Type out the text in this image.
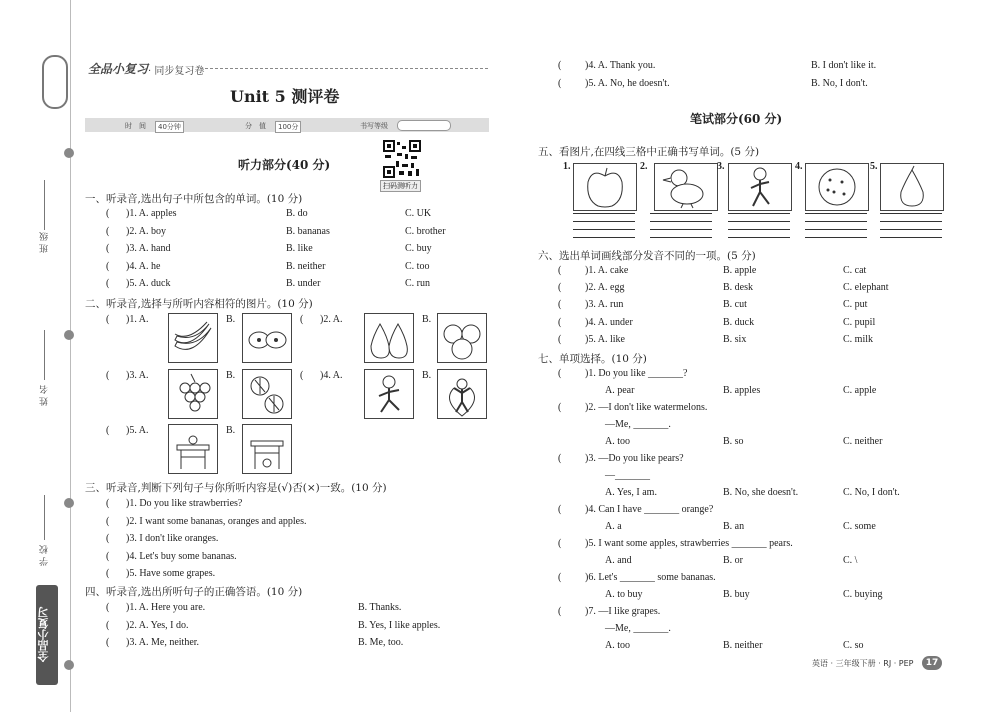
班 级
姓 名
学 校
全品小复习
全品小复习 · 同步复习卷
Unit 5 测评卷
时　间	40分钟	分　值	100分	书写等级
扫码测听力
听力部分(40 分)
一、听录音,选出句子中所包含的单词。(10 分)
( )1. A. apples	B. do	C. UK
( )2. A. boy	B. bananas	C. brother
( )3. A. hand	B. like	C. buy
( )4. A. he	B. neither	C. too
( )5. A. duck	B. under	C. run
二、听录音,选择与所听内容相符的图片。(10 分)
( )1. A.	B.	( )2. A.	B.
( )3. A.	B.	( )4. A.	B.
( )5. A.	B.
三、听录音,判断下列句子与你所听内容是(√)否(×)一致。(10 分)
( )1. Do you like strawberries?
( )2. I want some bananas, oranges and apples.
( )3. I don't like oranges.
( )4. Let's buy some bananas.
( )5. Have some grapes.
四、听录音,选出所听句子的正确答语。(10 分)
( )1. A. Here you are.	B. Thanks.
( )2. A. Yes, I do.	B. Yes, I like apples.
( )3. A. Me, neither.	B. Me, too.
( )4. A. Thank you.	B. I don't like it.
( )5. A. No, he doesn't.	B. No, I don't.
笔试部分(60 分)
五、看图片,在四线三格中正确书写单词。(5 分)
1.	2.	3.	4.	5.
六、选出单词画线部分发音不同的一项。(5 分)
( )1. A. cake	B. apple	C. cat
( )2. A. egg	B. desk	C. elephant
( )3. A. run	B. cut	C. put
( )4. A. under	B. duck	C. pupil
( )5. A. like	B. six	C. milk
七、单项选择。(10 分)
( )1. Do you like _______?
A. pear	B. apples	C. apple
( )2. —I don't like watermelons.
—Me, _______.
A. too	B. so	C. neither
( )3. —Do you like pears?
—_______
A. Yes, I am.	B. No, she doesn't.	C. No, I don't.
( )4. Can I have _______ orange?
A. a	B. an	C. some
( )5. I want some apples, strawberries _______ pears.
A. and	B. or	C. \
( )6. Let's _______ some bananas.
A. to buy	B. buy	C. buying
( )7. —I like grapes.
—Me, _______.
A. too	B. neither	C. so
英语 · 三年级下册 · RJ · PEP	17
